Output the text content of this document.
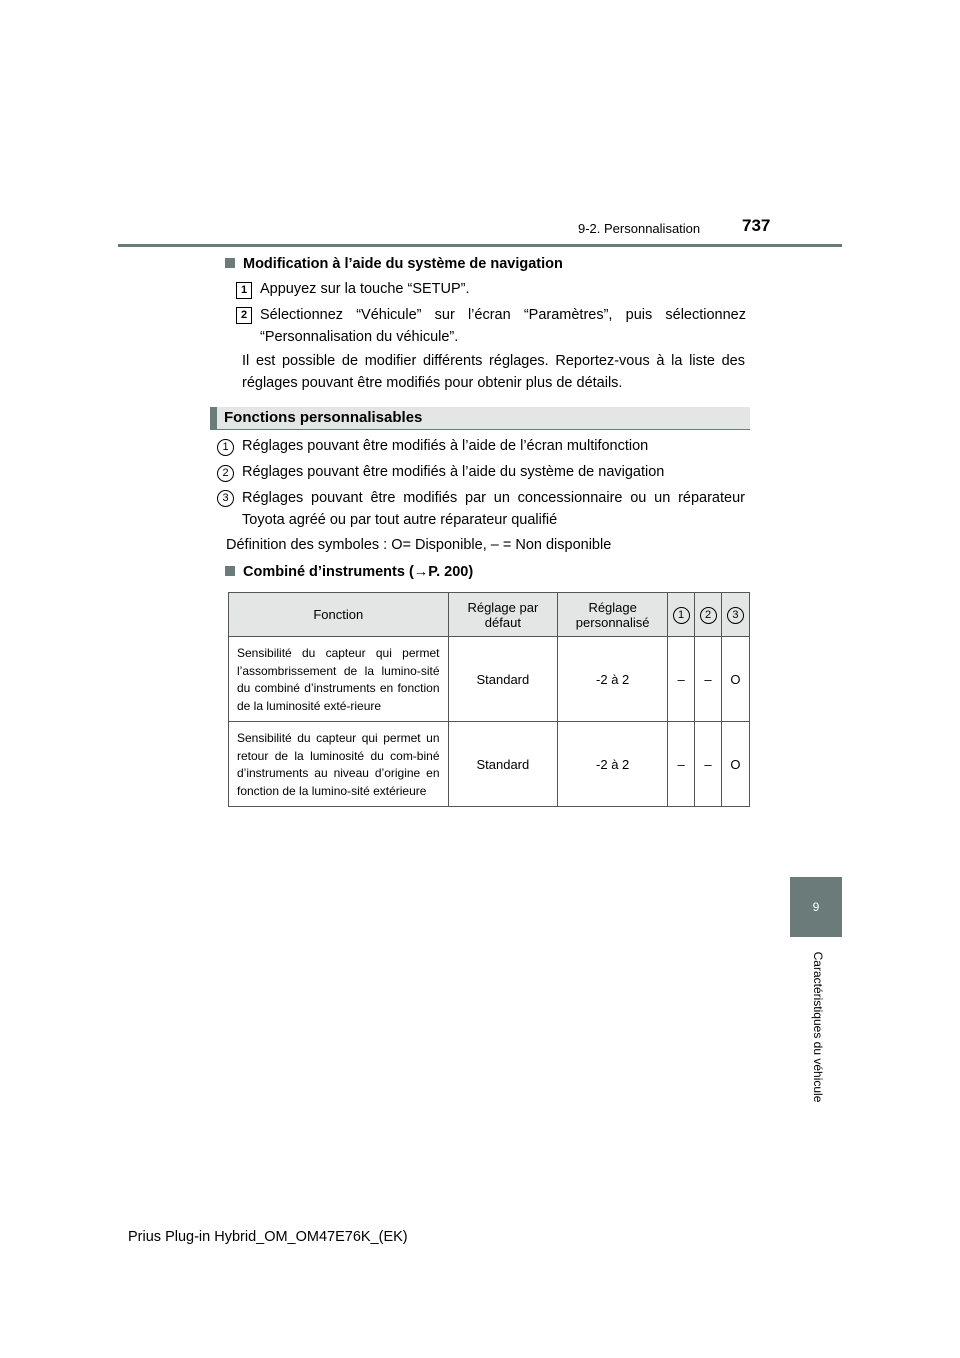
9-2. Personnalisation 737
9
Caractéristiques du véhicule
Modification à l’aide du système de navigation
1 Appuyez sur la touche “SETUP”.
2 Sélectionnez “Véhicule” sur l’écran “Paramètres”, puis sélectionnez “Personnalisation du véhicule”.
Il est possible de modifier différents réglages. Reportez-vous à la liste des réglages pouvant être modifiés pour obtenir plus de détails.
Fonctions personnalisables
1 Réglages pouvant être modifiés à l’aide de l’écran multifonction
2 Réglages pouvant être modifiés à l’aide du système de navigation
3 Réglages pouvant être modifiés par un concessionnaire ou un réparateur Toyota agréé ou par tout autre réparateur qualifié
Définition des symboles : O= Disponible, – = Non disponible
Combiné d’instruments (→P. 200)
Fonction	Réglage par défaut	Réglage personnalisé	1	2	3
Sensibilité du capteur qui permet l’assombrissement de la lumino-sité du combiné d’instruments en fonction de la luminosité exté-rieure	Standard	-2 à 2	–	–	O
Sensibilité du capteur qui permet un retour de la luminosité du com-biné d’instruments au niveau d’origine en fonction de la lumino-sité extérieure	Standard	-2 à 2	–	–	O
Prius Plug-in Hybrid_OM_OM47E76K_(EK)
